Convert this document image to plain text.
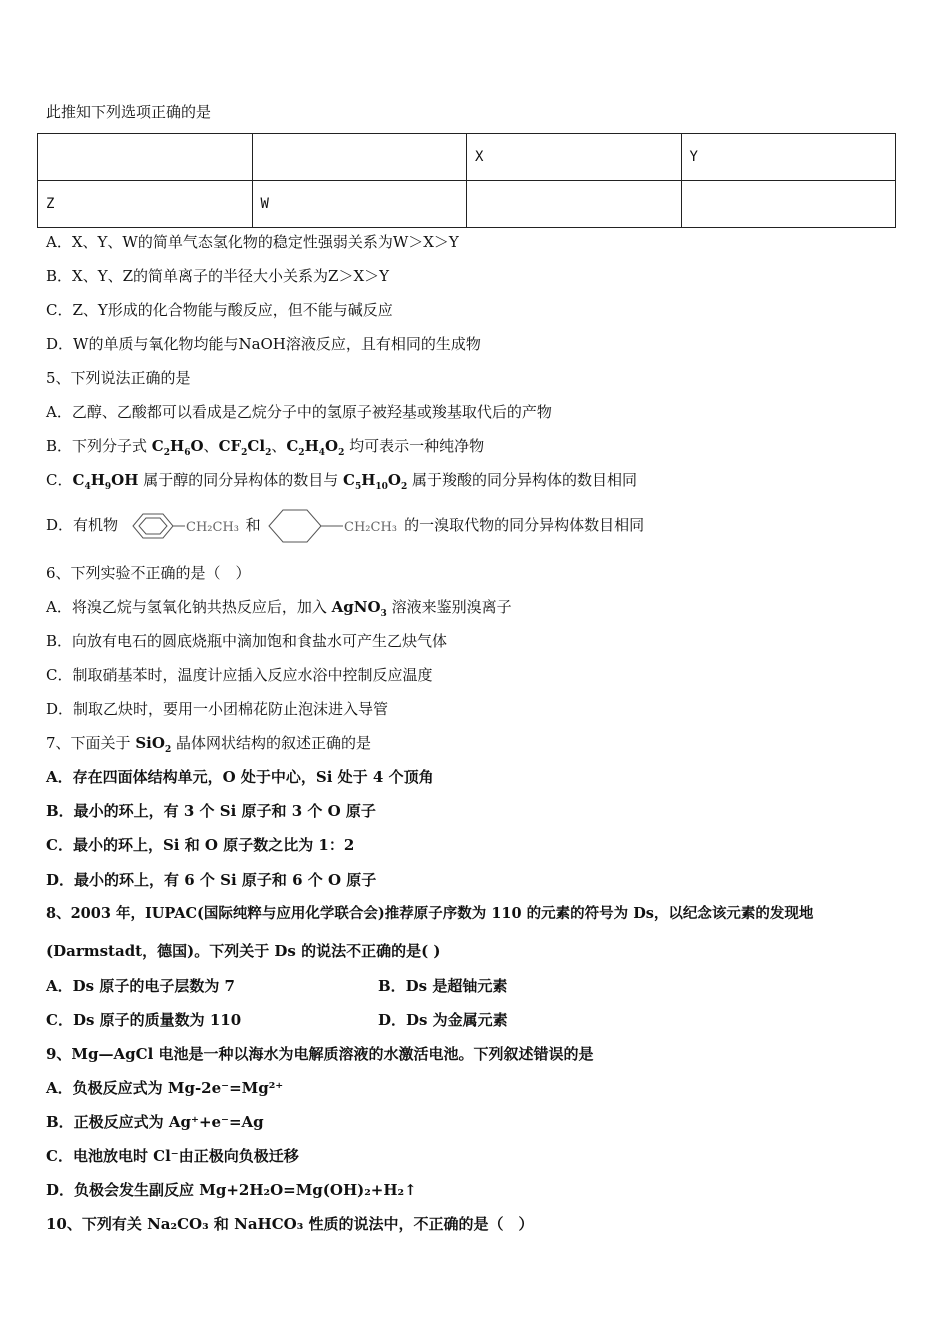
此推知下列选项正确的是
		X	Y
Z	W		
A．X、Y、W的简单气态氢化物的稳定性强弱关系为W＞X＞Y
B．X、Y、Z的简单离子的半径大小关系为Z＞X＞Y
C．Z、Y形成的化合物能与酸反应，但不能与碱反应
D．W的单质与氧化物均能与NaOH溶液反应，且有相同的生成物
5、下列说法正确的是
A．乙醇、乙酸都可以看成是乙烷分子中的氢原子被羟基或羧基取代后的产物
B．下列分子式 $C_2H_6O$、$CF_2Cl_2$、$C_2H_4O_2$ 均可表示一种纯净物
C．$C_4H_9OH$ 属于醇的同分异构体的数目与 $C_5H_{10}O_2$ 属于羧酸的同分异构体的数目相同
D．有机物	CH₂CH₃ 和	CH₂CH₃ 的一溴取代物的同分异构体数目相同
6、下列实验不正确的是（　）
A．将溴乙烷与氢氧化钠共热反应后，加入 AgNO$_3$ 溶液来鉴别溴离子
B．向放有电石的圆底烧瓶中滴加饱和食盐水可产生乙炔气体
C．制取硝基苯时，温度计应插入反应水浴中控制反应温度
D．制取乙炔时，要用一小团棉花防止泡沫进入导管
7、下面关于 SiO$_2$ 晶体网状结构的叙述正确的是
A．存在四面体结构单元，O 处于中心，Si 处于 4 个顶角
B．最小的环上，有 3 个 Si 原子和 3 个 O 原子
C．最小的环上，Si 和 O 原子数之比为 1：2
D．最小的环上，有 6 个 Si 原子和 6 个 O 原子
8、2003 年，IUPAC(国际纯粹与应用化学联合会)推荐原子序数为 110 的元素的符号为 Ds，以纪念该元素的发现地
(Darmstadt，德国)。下列关于 Ds 的说法不正确的是( )
A．Ds 原子的电子层数为 7	B．Ds 是超铀元素
C．Ds 原子的质量数为 110	D．Ds 为金属元素
9、Mg—AgCl 电池是一种以海水为电解质溶液的水激活电池。下列叙述错误的是
A．负极反应式为 Mg-2e⁻=Mg²⁺
B．正极反应式为 Ag⁺+e⁻=Ag
C．电池放电时 Cl⁻由正极向负极迁移
D．负极会发生副反应 Mg+2H₂O=Mg(OH)₂+H₂↑
10、下列有关 Na₂CO₃ 和 NaHCO₃ 性质的说法中，不正确的是（　）
